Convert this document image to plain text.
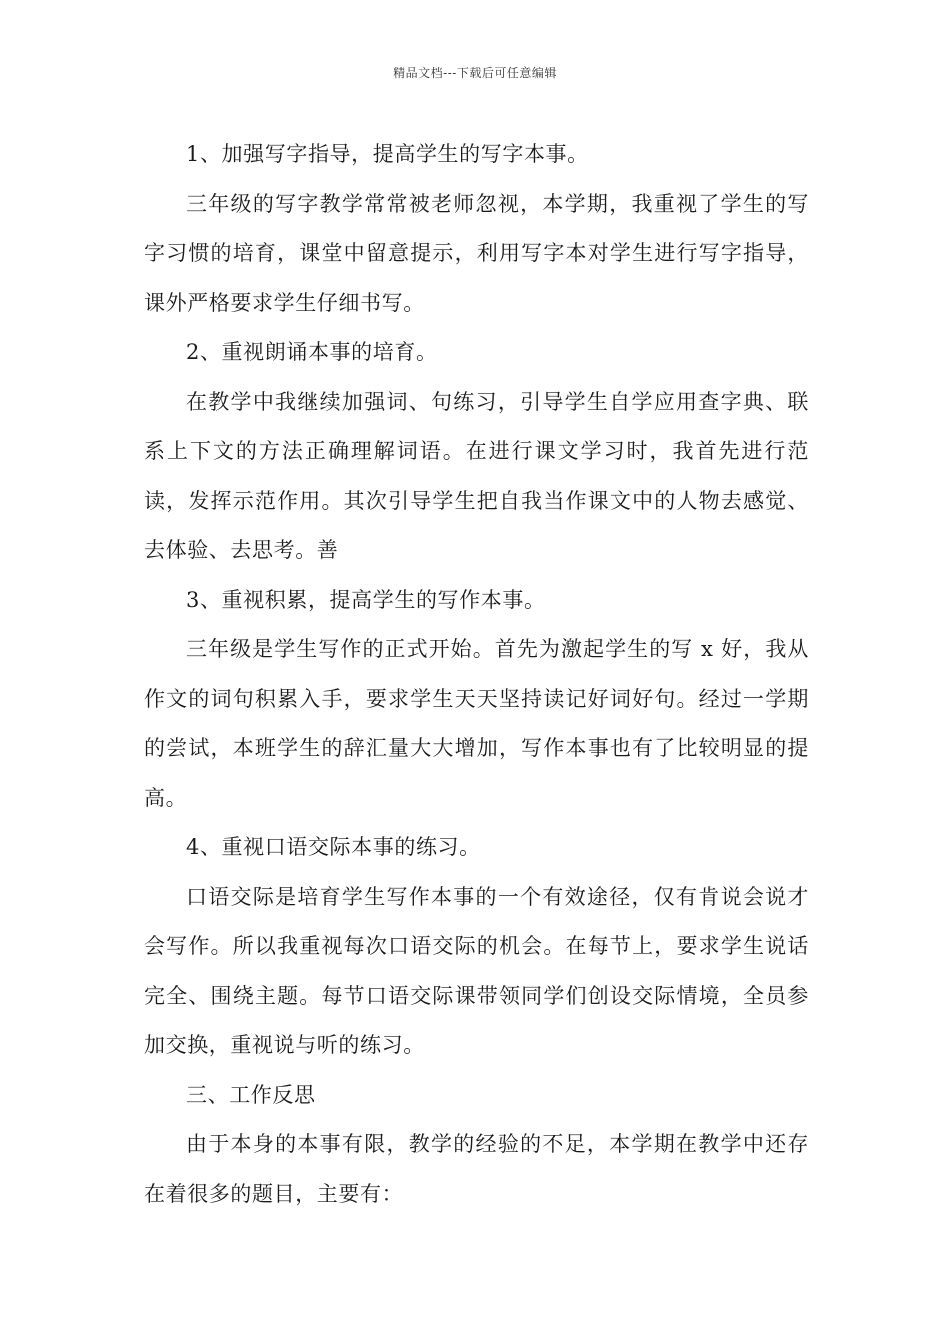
精品文档---下载后可任意编辑

1、加强写字指导，提高学生的写字本事。

三年级的写字教学常常被老师忽视，本学期，我重视了学生的写字习惯的培育，课堂中留意提示，利用写字本对学生进行写字指导，课外严格要求学生仔细书写。

2、重视朗诵本事的培育。

在教学中我继续加强词、句练习，引导学生自学应用查字典、联系上下文的方法正确理解词语。在进行课文学习时，我首先进行范读，发挥示范作用。其次引导学生把自我当作课文中的人物去感觉、去体验、去思考。善

3、重视积累，提高学生的写作本事。

三年级是学生写作的正式开始。首先为激起学生的写 x 好，我从作文的词句积累入手，要求学生天天坚持读记好词好句。经过一学期的尝试，本班学生的辞汇量大大增加，写作本事也有了比较明显的提高。

4、重视口语交际本事的练习。

口语交际是培育学生写作本事的一个有效途径，仅有肯说会说才会写作。所以我重视每次口语交际的机会。在每节上，要求学生说话完全、围绕主题。每节口语交际课带领同学们创设交际情境，全员参加交换，重视说与听的练习。

三、工作反思

由于本身的本事有限，教学的经验的不足，本学期在教学中还存在着很多的题目，主要有：
